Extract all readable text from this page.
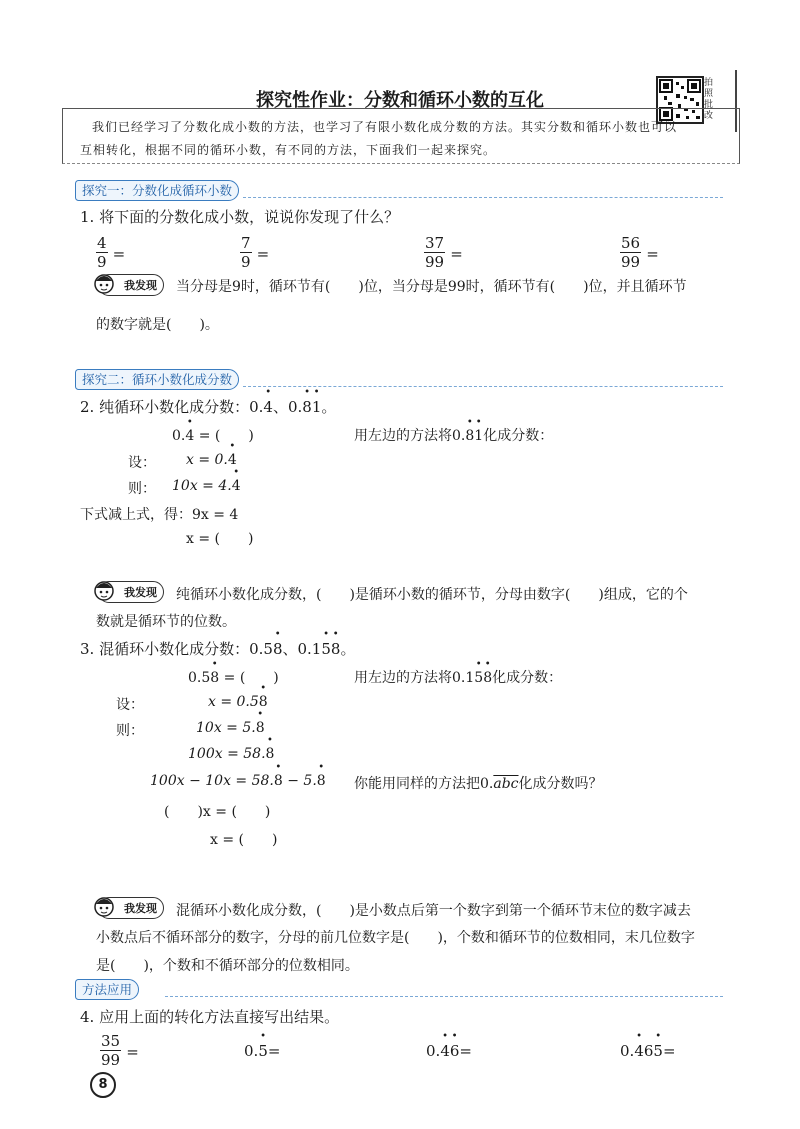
探究性作业：分数和循环小数的互化
拍照批改
我们已经学习了分数化成小数的方法，也学习了有限小数化成分数的方法。其实分数和循环小数也可以
互相转化，根据不同的循环小数，有不同的方法，下面我们一起来探究。
探究一：分数化成循环小数
1. 将下面的分数化成小数，说说你发现了什么？
$\frac{4}{9}$ =	$\frac{7}{9}$ =	$\frac{37}{99}$ =	$\frac{56}{99}$ =
我发现	当分母是9时，循环节有(　　)位，当分母是99时，循环节有(　　)位，并且循环节
的数字就是(　　)。
探究二：循环小数化成分数
2. 纯循环小数化成分数：0.• 4、0.• 8• 1。
0.• 4 = (　　)	用左边的方法将0.• 8• 1化成分数：
设： x = 0.• 4
则： 10x = 4.• 4
下式减上式，得：9x = 4
x = (　　)
我发现	纯循环小数化成分数，(　　)是循环小数的循环节，分母由数字(　　)组成，它的个
数就是循环节的位数。
3. 混循环小数化成分数：0.5• 8、0.1• 5• 8。
0.5• 8 = (　　)	用左边的方法将0.1• 5• 8化成分数：
设：	x = 0.5• 8
则：	10x = 5.• 8
100x = 58.• 8
100x − 10x = 58.• 8 − 5.• 8 你能用同样的方法把$0.\overline{abc}$化成分数吗？
(　　)x = (　　)
x = (　　)
我发现	混循环小数化成分数，(　　)是小数点后第一个数字到第一个循环节末位的数字减去
小数点后不循环部分的数字，分母的前几位数字是(　　)，个数和循环节的位数相同，末几位数字
是(　　)，个数和不循环部分的位数相同。
方法应用
4. 应用上面的转化方法直接写出结果。
$\frac{35}{99}$ =	0.• 5=	0.• 4• 6=	0.• 46• 5=
8
